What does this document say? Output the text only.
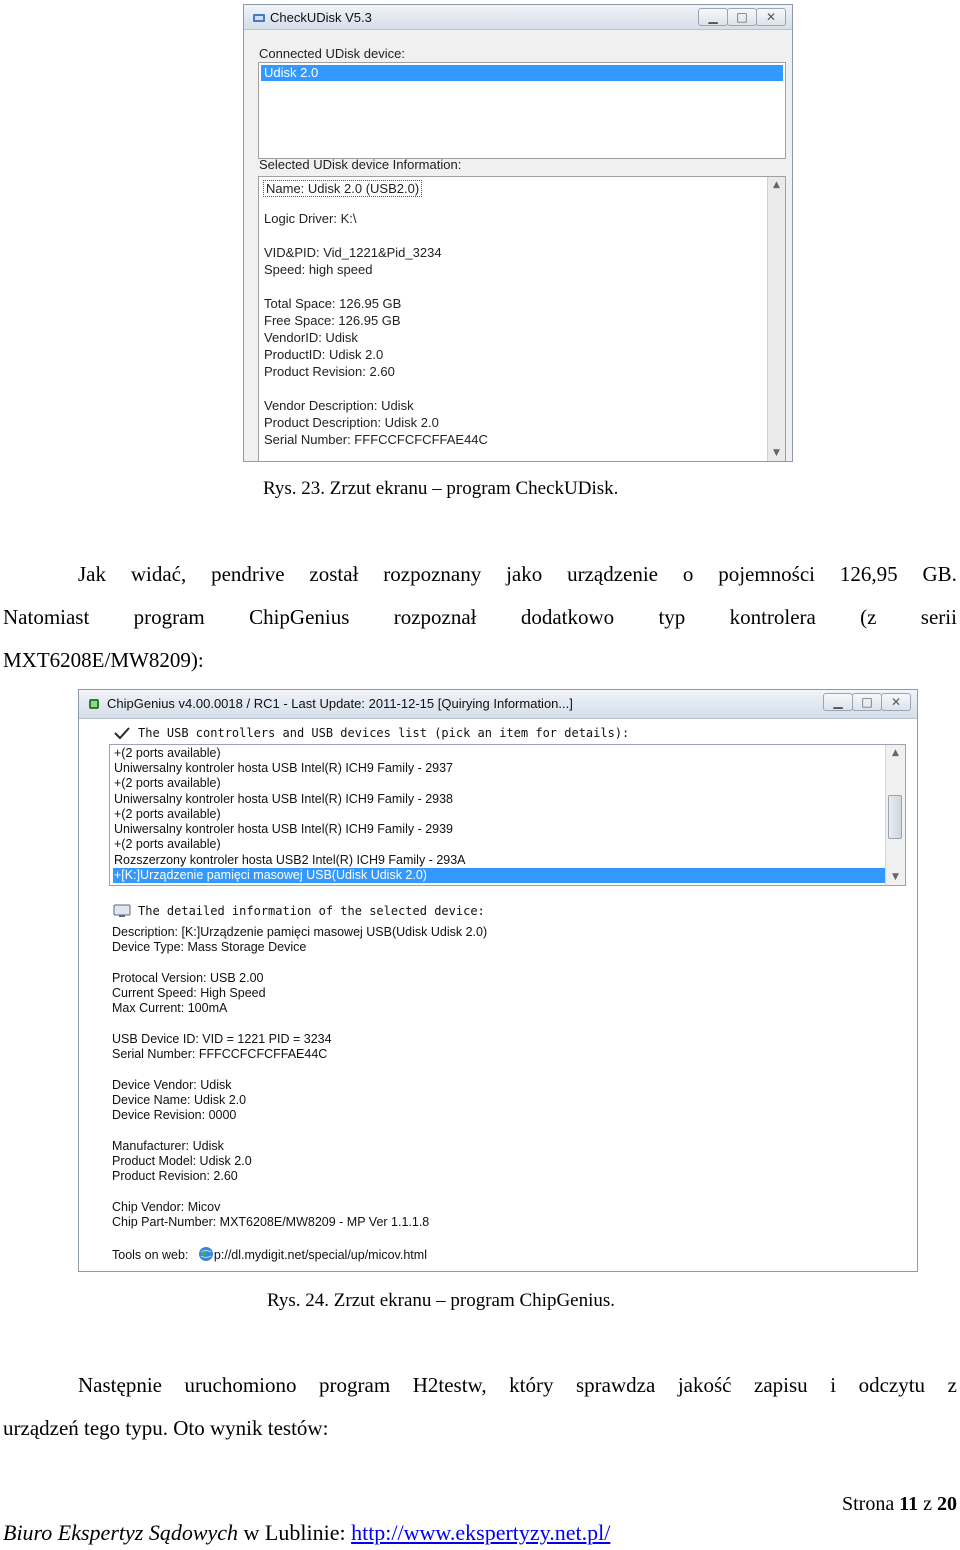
CheckUDisk V5.3	▁ □ ✕
Connected UDisk device:
Udisk 2.0
Selected UDisk device Information:
Name: Udisk 2.0 (USB2.0)
Logic Driver: K:\
VID&PID: Vid_1221&Pid_3234
Speed: high speed
Total Space: 126.95 GB
Free Space: 126.95 GB
VendorID: Udisk
ProductID: Udisk 2.0
Product Revision: 2.60
Vendor Description: Udisk
Product Description: Udisk 2.0
Serial Number: FFFCCFCFCFFAE44C
▲
▼
Rys. 23. Zrzut ekranu – program CheckUDisk.
Jak widać, pendrive został rozpoznany jako urządzenie o pojemności 126,95 GB.
Natomiast program ChipGenius rozpoznał dodatkowo typ kontrolera (z serii
MXT6208E/MW8209):
ChipGenius v4.00.0018 / RC1 - Last Update: 2011-12-15 [Quirying Information...]	▁ □ ✕
The USB controllers and USB devices list (pick an item for details):
+(2 ports available)
Uniwersalny kontroler hosta USB Intel(R) ICH9 Family - 2937
+(2 ports available)
Uniwersalny kontroler hosta USB Intel(R) ICH9 Family - 2938
+(2 ports available)
Uniwersalny kontroler hosta USB Intel(R) ICH9 Family - 2939
+(2 ports available)
Rozszerzony kontroler hosta USB2 Intel(R) ICH9 Family - 293A
+[K:]Urządzenie pamięci masowej USB(Udisk Udisk 2.0)
▲
▼
The detailed information of the selected device:
Description: [K:]Urządzenie pamięci masowej USB(Udisk Udisk 2.0)
Device Type: Mass Storage Device
Protocal Version: USB 2.00
Current Speed: High Speed
Max Current: 100mA
USB Device ID: VID = 1221 PID = 3234
Serial Number: FFFCCFCFCFFAE44C
Device Vendor: Udisk
Device Name: Udisk 2.0
Device Revision: 0000
Manufacturer: Udisk
Product Model: Udisk 2.0
Product Revision: 2.60
Chip Vendor: Micov
Chip Part-Number: MXT6208E/MW8209 - MP Ver 1.1.1.8
Tools on web: p://dl.mydigit.net/special/up/micov.html
Rys. 24. Zrzut ekranu – program ChipGenius.
Następnie uruchomiono program H2testw, który sprawdza jakość zapisu i odczytu z
urządzeń tego typu. Oto wynik testów:
Strona 11 z 20
Biuro Ekspertyz Sądowych w Lublinie: http://www.ekspertyzy.net.pl/
